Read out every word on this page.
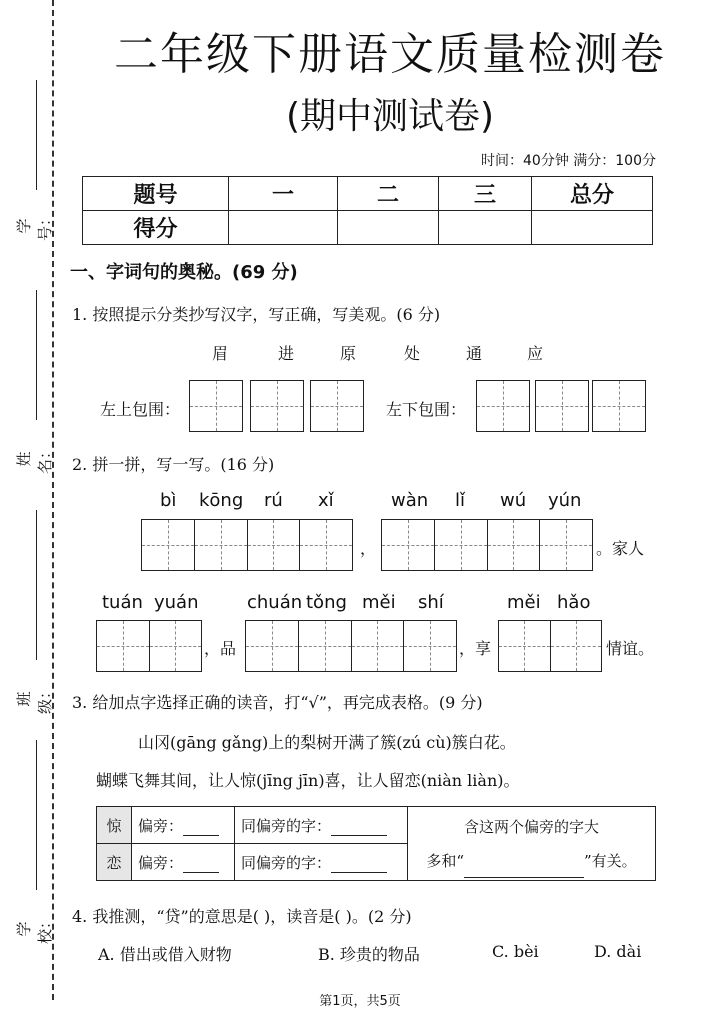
学号：
姓名：
班级：
学校：
二年级下册语文质量检测卷
(期中测试卷)
时间：40分钟 满分：100分
题号	一	二	三	总分
得分				
一、字词句的奥秘。(69 分)
1. 按照提示分类抄写汉字，写正确，写美观。(6 分)
眉	进	原	处	通	应
左上包围：	左下包围：
2. 拼一拼，写一写。(16 分)
bì kōng rú xǐ	wàn lǐ wú yún
，	。家人
tuán yuán	chuán tǒng měi shí	měi hǎo
，品	，享	情谊。
3. 给加点字选择正确的读音，打“√”，再完成表格。(9 分)
山冈(gāng gǎng)上的梨树开满了簇(zú cù)簇白花。
蝴蝶飞舞其间，让人惊(jīng jīn)喜，让人留恋(niàn liàn)。
惊	偏旁：	同偏旁的字：	含这两个偏旁的字大
多和“ ”有关。

恋	偏旁：	同偏旁的字：	
4. 我推测，“贷”的意思是( )，读音是( )。(2 分)
A. 借出或借入财物	B. 珍贵的物品	C. bèi	D. dài
第1页，共5页
